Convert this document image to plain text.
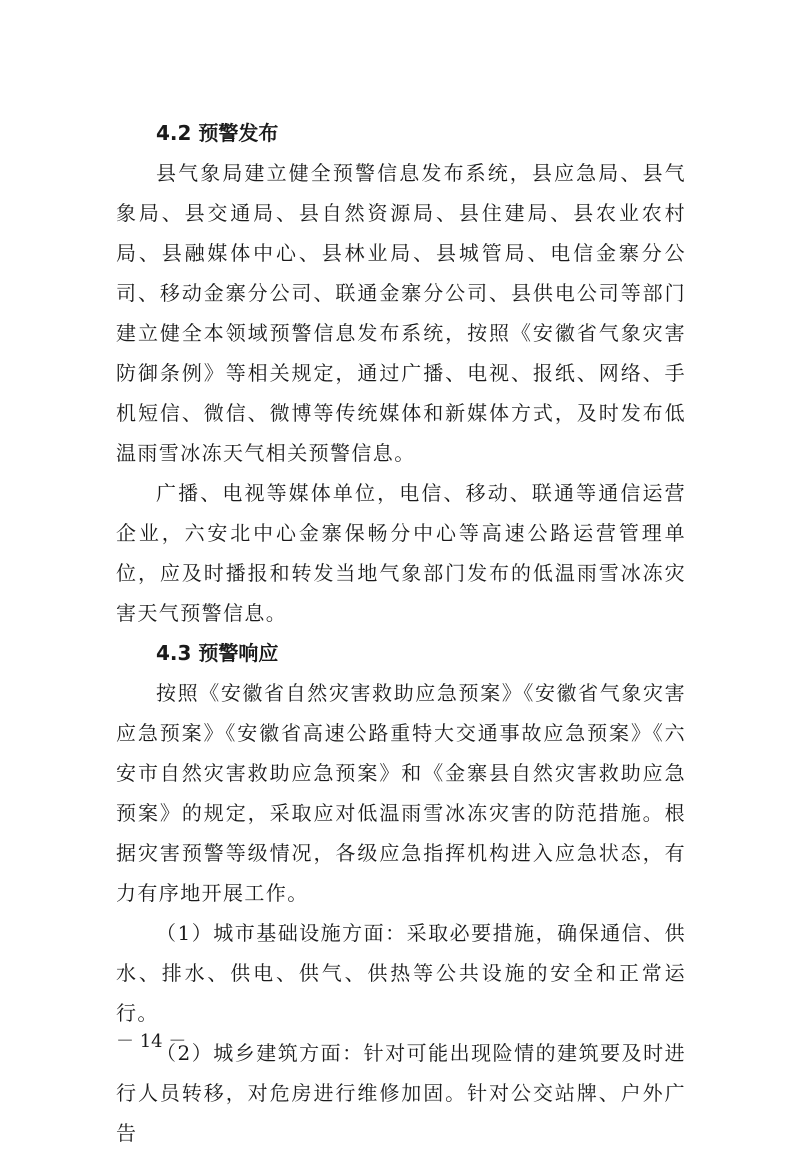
4.2 预警发布

县气象局建立健全预警信息发布系统，县应急局、县气象局、县交通局、县自然资源局、县住建局、县农业农村局、县融媒体中心、县林业局、县城管局、电信金寨分公司、移动金寨分公司、联通金寨分公司、县供电公司等部门建立健全本领域预警信息发布系统，按照《安徽省气象灾害防御条例》等相关规定，通过广播、电视、报纸、网络、手机短信、微信、微博等传统媒体和新媒体方式，及时发布低温雨雪冰冻天气相关预警信息。

广播、电视等媒体单位，电信、移动、联通等通信运营企业，六安北中心金寨保畅分中心等高速公路运营管理单位，应及时播报和转发当地气象部门发布的低温雨雪冰冻灾害天气预警信息。

4.3 预警响应

按照《安徽省自然灾害救助应急预案》《安徽省气象灾害应急预案》《安徽省高速公路重特大交通事故应急预案》《六安市自然灾害救助应急预案》和《金寨县自然灾害救助应急预案》的规定，采取应对低温雨雪冰冻灾害的防范措施。根据灾害预警等级情况，各级应急指挥机构进入应急状态，有力有序地开展工作。

（1）城市基础设施方面：采取必要措施，确保通信、供水、排水、供电、供气、供热等公共设施的安全和正常运行。

（2）城乡建筑方面：针对可能出现险情的建筑要及时进行人员转移，对危房进行维修加固。针对公交站牌、户外广告

－ 14 －
